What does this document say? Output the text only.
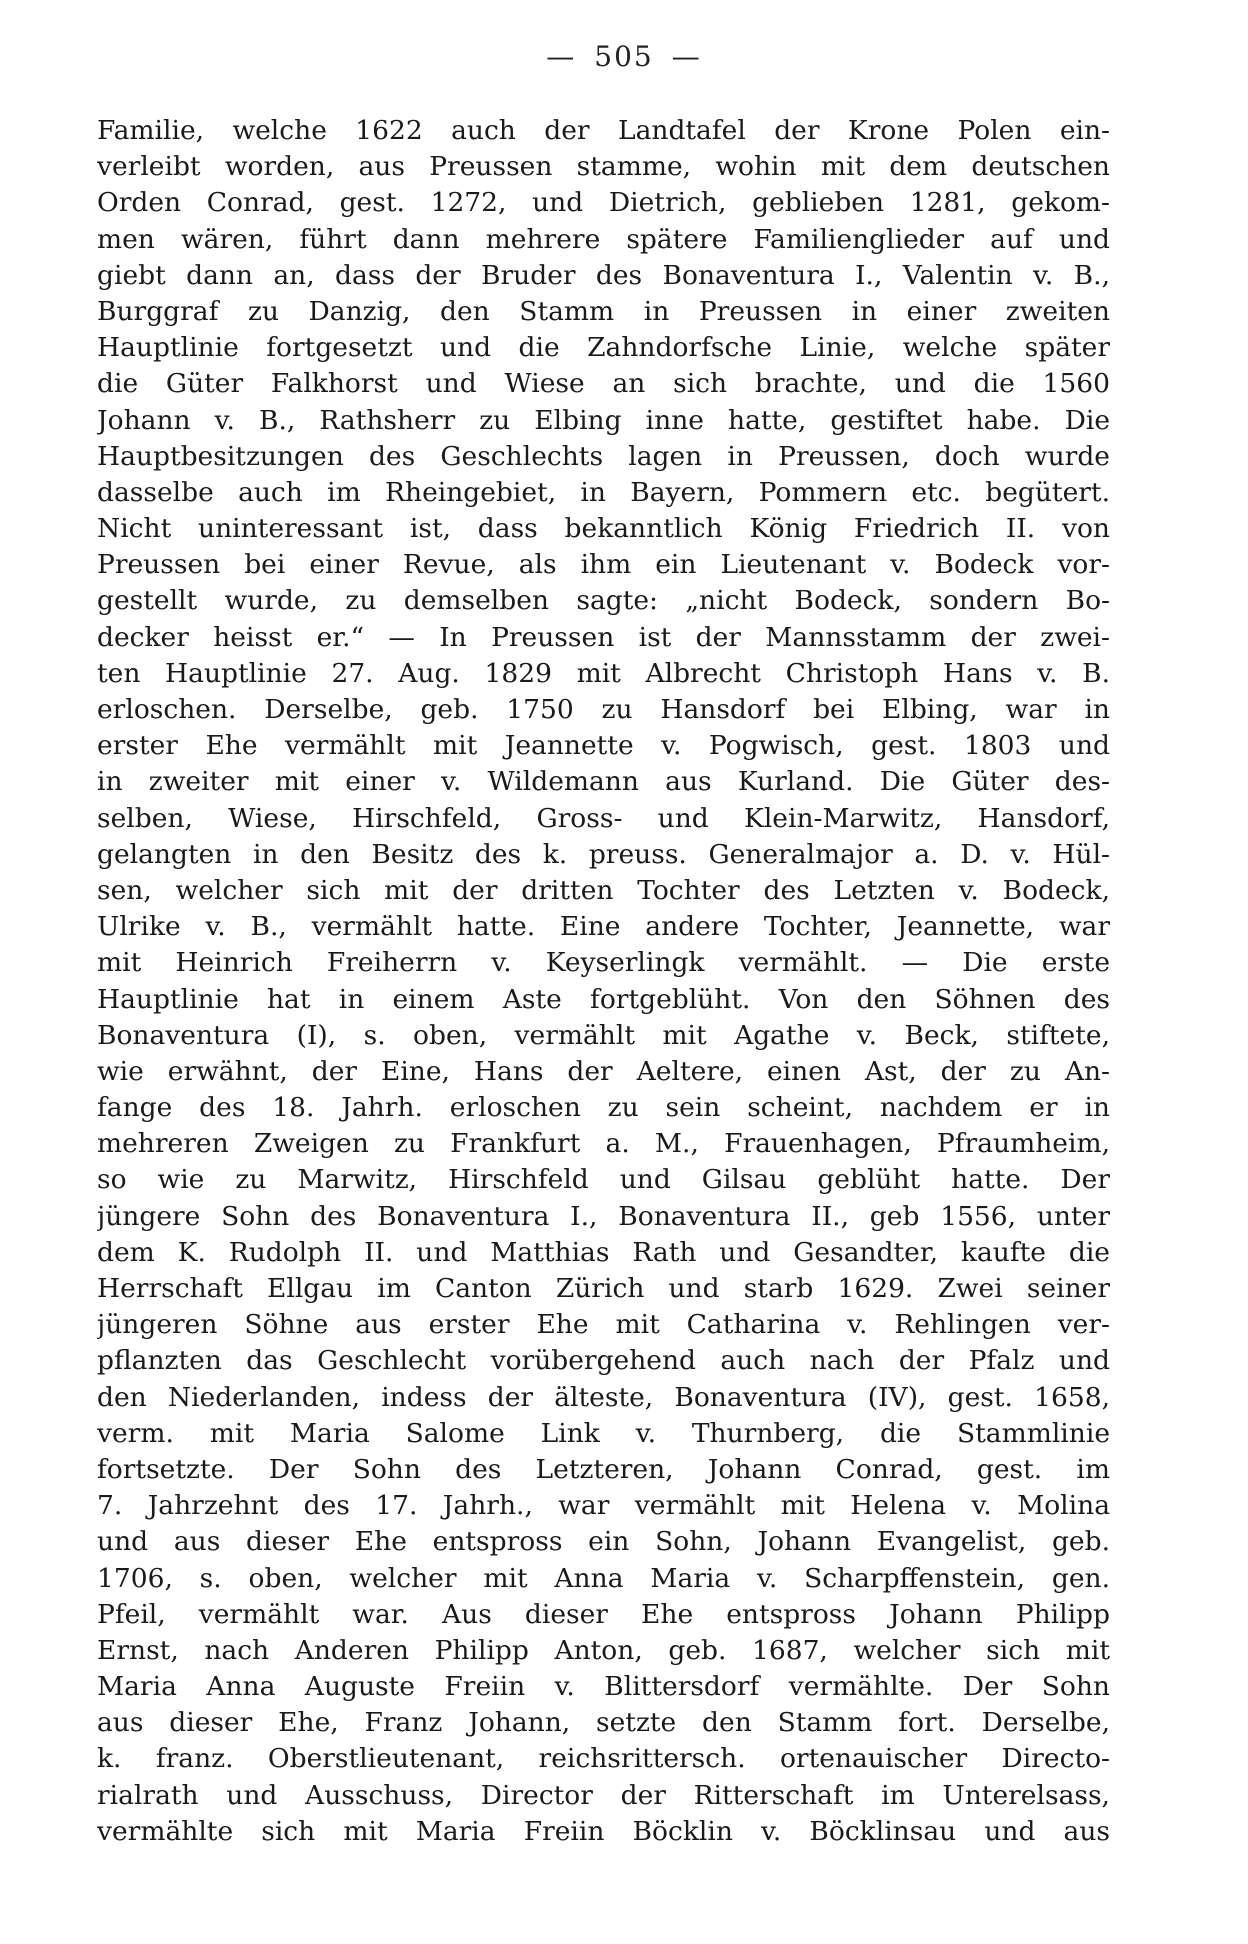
— 505 —
Familie, welche 1622 auch der Landtafel der Krone Polen ein-
verleibt worden, aus Preussen stamme, wohin mit dem deutschen
Orden Conrad, gest. 1272, und Dietrich, geblieben 1281, gekom-
men wären, führt dann mehrere spätere Familienglieder auf und
giebt dann an, dass der Bruder des Bonaventura I., Valentin v. B.,
Burggraf zu Danzig, den Stamm in Preussen in einer zweiten
Hauptlinie fortgesetzt und die Zahndorfsche Linie, welche später
die Güter Falkhorst und Wiese an sich brachte, und die 1560
Johann v. B., Rathsherr zu Elbing inne hatte, gestiftet habe. Die
Hauptbesitzungen des Geschlechts lagen in Preussen, doch wurde
dasselbe auch im Rheingebiet, in Bayern, Pommern etc. begütert.
Nicht uninteressant ist, dass bekanntlich König Friedrich II. von
Preussen bei einer Revue, als ihm ein Lieutenant v. Bodeck vor-
gestellt wurde, zu demselben sagte: „nicht Bodeck, sondern Bo-
decker heisst er.“ — In Preussen ist der Mannsstamm der zwei-
ten Hauptlinie 27. Aug. 1829 mit Albrecht Christoph Hans v. B.
erloschen. Derselbe, geb. 1750 zu Hansdorf bei Elbing, war in
erster Ehe vermählt mit Jeannette v. Pogwisch, gest. 1803 und
in zweiter mit einer v. Wildemann aus Kurland. Die Güter des-
selben, Wiese, Hirschfeld, Gross- und Klein-Marwitz, Hansdorf,
gelangten in den Besitz des k. preuss. Generalmajor a. D. v. Hül-
sen, welcher sich mit der dritten Tochter des Letzten v. Bodeck,
Ulrike v. B., vermählt hatte. Eine andere Tochter, Jeannette, war
mit Heinrich Freiherrn v. Keyserlingk vermählt. — Die erste
Hauptlinie hat in einem Aste fortgeblüht. Von den Söhnen des
Bonaventura (I), s. oben, vermählt mit Agathe v. Beck, stiftete,
wie erwähnt, der Eine, Hans der Aeltere, einen Ast, der zu An-
fange des 18. Jahrh. erloschen zu sein scheint, nachdem er in
mehreren Zweigen zu Frankfurt a. M., Frauenhagen, Pfraumheim,
so wie zu Marwitz, Hirschfeld und Gilsau geblüht hatte. Der
jüngere Sohn des Bonaventura I., Bonaventura II., geb 1556, unter
dem K. Rudolph II. und Matthias Rath und Gesandter, kaufte die
Herrschaft Ellgau im Canton Zürich und starb 1629. Zwei seiner
jüngeren Söhne aus erster Ehe mit Catharina v. Rehlingen ver-
pflanzten das Geschlecht vorübergehend auch nach der Pfalz und
den Niederlanden, indess der älteste, Bonaventura (IV), gest. 1658,
verm. mit Maria Salome Link v. Thurnberg, die Stammlinie
fortsetzte. Der Sohn des Letzteren, Johann Conrad, gest. im
7. Jahrzehnt des 17. Jahrh., war vermählt mit Helena v. Molina
und aus dieser Ehe entspross ein Sohn, Johann Evangelist, geb.
1706, s. oben, welcher mit Anna Maria v. Scharpffenstein, gen.
Pfeil, vermählt war. Aus dieser Ehe entspross Johann Philipp
Ernst, nach Anderen Philipp Anton, geb. 1687, welcher sich mit
Maria Anna Auguste Freiin v. Blittersdorf vermählte. Der Sohn
aus dieser Ehe, Franz Johann, setzte den Stamm fort. Derselbe,
k. franz. Oberstlieutenant, reichsrittersch. ortenauischer Directo-
rialrath und Ausschuss, Director der Ritterschaft im Unterelsass,
vermählte sich mit Maria Freiin Böcklin v. Böcklinsau und aus
